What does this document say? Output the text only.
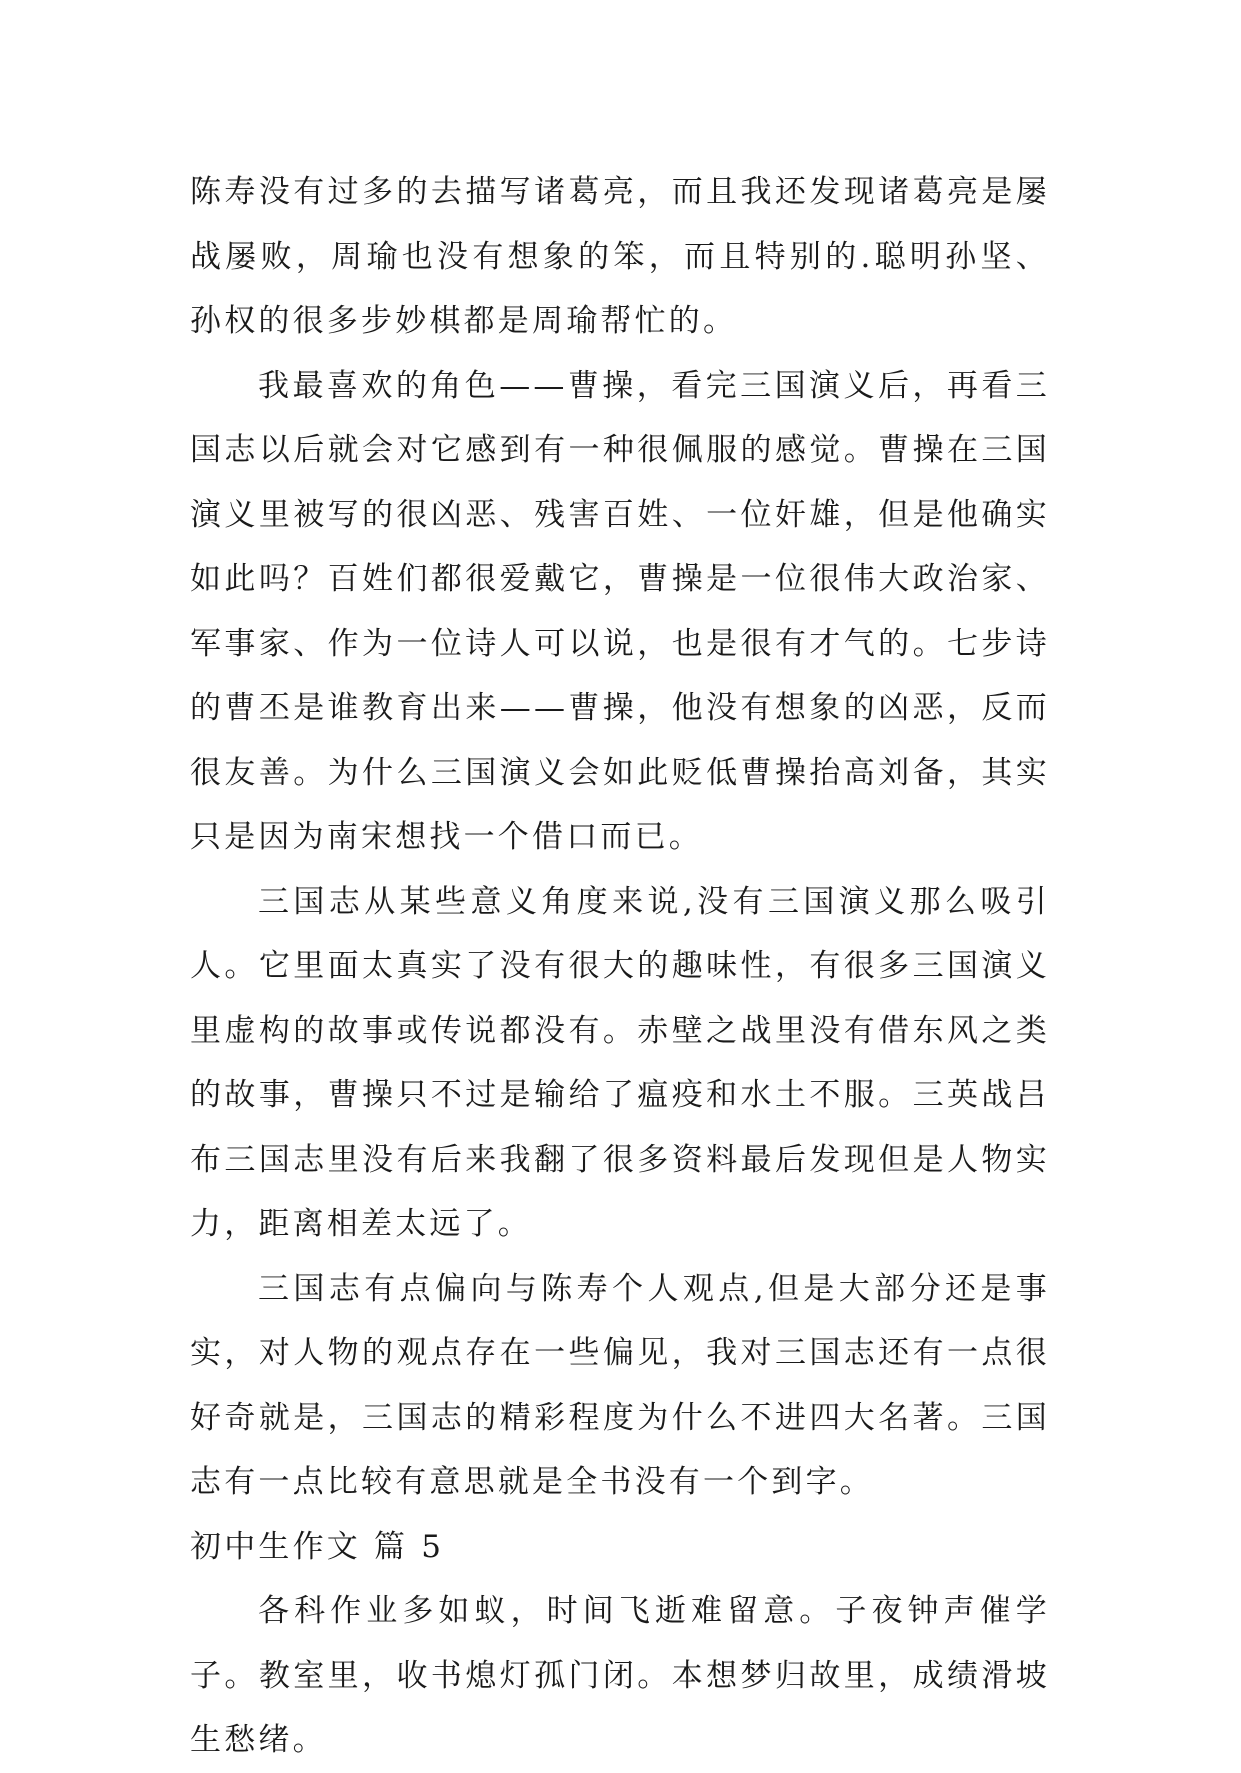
陈寿没有过多的去描写诸葛亮，而且我还发现诸葛亮是屡战屡败，周瑜也没有想象的笨，而且特别的.聪明孙坚、孙权的很多步妙棋都是周瑜帮忙的。

我最喜欢的角色——曹操，看完三国演义后，再看三国志以后就会对它感到有一种很佩服的感觉。曹操在三国演义里被写的很凶恶、残害百姓、一位奸雄，但是他确实如此吗？百姓们都很爱戴它，曹操是一位很伟大政治家、军事家、作为一位诗人可以说，也是很有才气的。七步诗的曹丕是谁教育出来——曹操，他没有想象的凶恶，反而很友善。为什么三国演义会如此贬低曹操抬高刘备，其实只是因为南宋想找一个借口而已。

三国志从某些意义角度来说,没有三国演义那么吸引人。它里面太真实了没有很大的趣味性，有很多三国演义里虚构的故事或传说都没有。赤壁之战里没有借东风之类的故事，曹操只不过是输给了瘟疫和水土不服。三英战吕布三国志里没有后来我翻了很多资料最后发现但是人物实力，距离相差太远了。

三国志有点偏向与陈寿个人观点,但是大部分还是事实，对人物的观点存在一些偏见，我对三国志还有一点很好奇就是，三国志的精彩程度为什么不进四大名著。三国志有一点比较有意思就是全书没有一个到字。

初中生作文 篇 5

各科作业多如蚁，时间飞逝难留意。子夜钟声催学子。教室里，收书熄灯孤门闭。本想梦归故里，成绩滑坡生愁绪。
